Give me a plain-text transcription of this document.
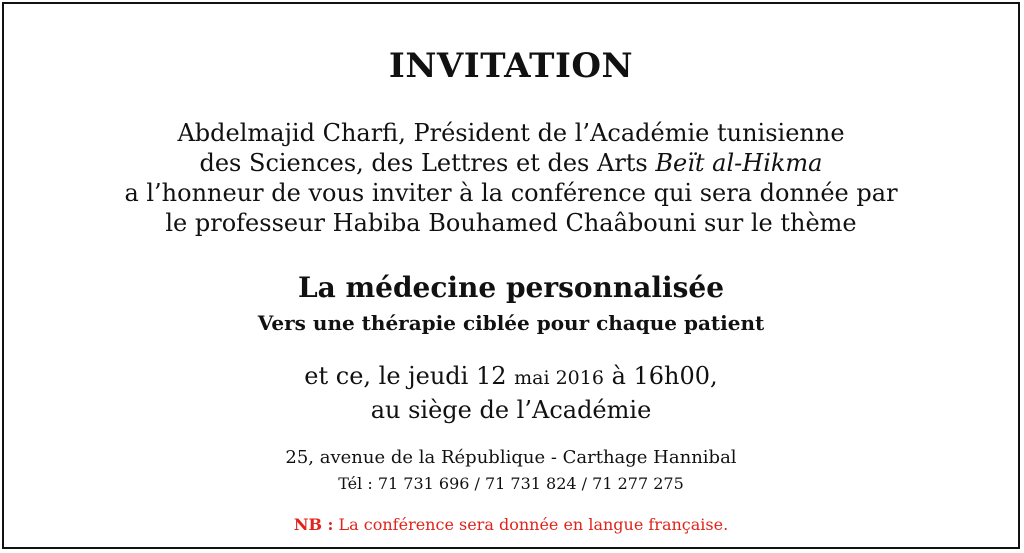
INVITATION
Abdelmajid Charfi, Président de l’Académie tunisienne
des Sciences, des Lettres et des Arts Beït al-Hikma
a l’honneur de vous inviter à la conférence qui sera donnée par
le professeur Habiba Bouhamed Chaâbouni sur le thème
La médecine personnalisée
Vers une thérapie ciblée pour chaque patient
et ce, le jeudi 12 mai 2016 à 16h00,
au siège de l’Académie
25, avenue de la République - Carthage Hannibal
Tél : 71 731 696 / 71 731 824 / 71 277 275
NB : La conférence sera donnée en langue française.
